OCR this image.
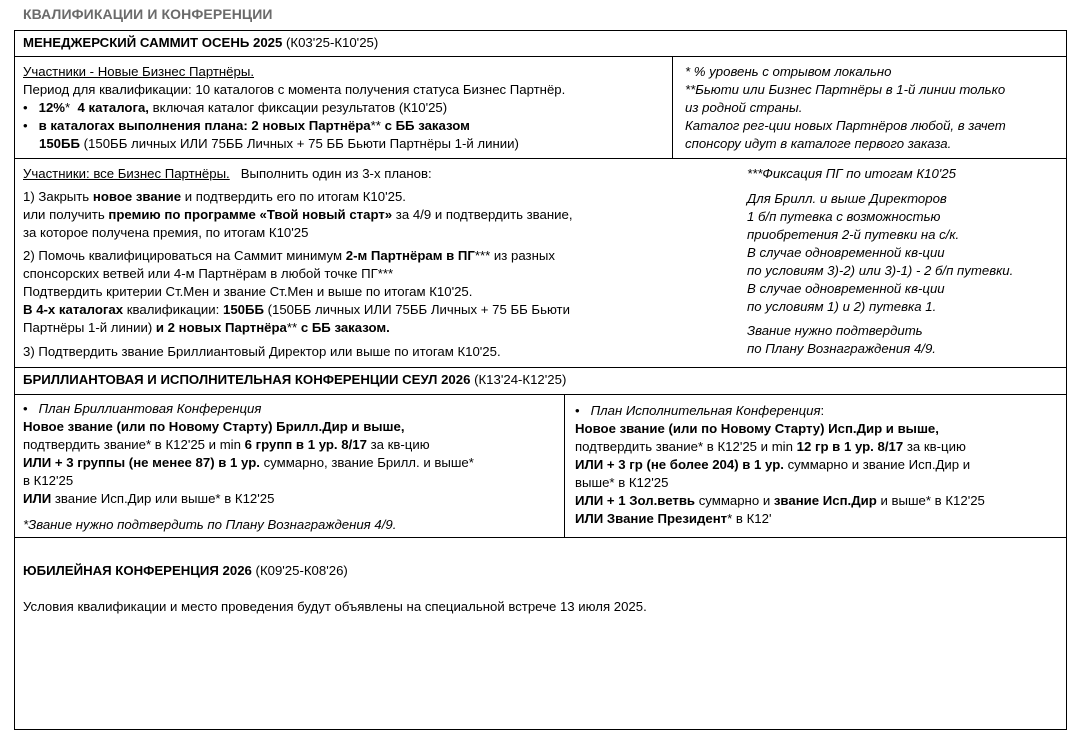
КВАЛИФИКАЦИИ И КОНФЕРЕНЦИИ
МЕНЕДЖЕРСКИЙ САММИТ ОСЕНЬ 2025 (К03'25-К10'25)
Участники - Новые Бизнес Партнёры.
Период для квалификации: 10 каталогов с момента получения статуса Бизнес Партнёр.
• 12%* 4 каталога, включая каталог фиксации результатов (К10'25)
• в каталогах выполнения плана: 2 новых Партнёра** с ББ заказом
150ББ (150ББ личных ИЛИ 75ББ Личных + 75 ББ Бьюти Партнёры 1-й линии)
* % уровень с отрывом локально
**Бьюти или Бизнес Партнёры в 1-й линии только
из родной страны.
Каталог рег-ции новых Партнёров любой, в зачет
спонсору идут в каталоге первого заказа.
Участники: все Бизнес Партнёры. Выполнить один из 3-х планов:
1) Закрыть новое звание и подтвердить его по итогам К10'25.
или получить премию по программе «Твой новый старт» за 4/9 и подтвердить звание,
за которое получена премия, по итогам К10'25
2) Помочь квалифицироваться на Саммит минимум 2-м Партнёрам в ПГ*** из разных
спонсорских ветвей или 4-м Партнёрам в любой точке ПГ***
Подтвердить критерии Ст.Мен и звание Ст.Мен и выше по итогам К10'25.
В 4-х каталогах квалификации: 150ББ (150ББ личных ИЛИ 75ББ Личных + 75 ББ Бьюти
Партнёры 1-й линии) и 2 новых Партнёра** с ББ заказом.
3) Подтвердить звание Бриллиантовый Директор или выше по итогам К10'25.
***Фиксация ПГ по итогам К10'25
Для Брилл. и выше Директоров
1 б/п путевка с возможностью
приобретения 2-й путевки на с/к.
В случае одновременной кв-ции
по условиям 3)-2) или 3)-1) - 2 б/п путевки.
В случае одновременной кв-ции
по условиям 1) и 2) путевка 1.
Звание нужно подтвердить
по Плану Вознаграждения 4/9.
БРИЛЛИАНТОВАЯ И ИСПОЛНИТЕЛЬНАЯ КОНФЕРЕНЦИИ СЕУЛ 2026 (К13'24-К12'25)
• План Бриллиантовая Конференция
Новое звание (или по Новому Старту) Брилл.Дир и выше,
подтвердить звание* в К12'25 и min 6 групп в 1 ур. 8/17 за кв-цию
ИЛИ + 3 группы (не менее 87) в 1 ур. суммарно, звание Брилл. и выше*
в К12'25
ИЛИ звание Исп.Дир или выше* в К12'25
*Звание нужно подтвердить по Плану Вознаграждения 4/9.
• План Исполнительная Конференция:
Новое звание (или по Новому Старту) Исп.Дир и выше,
подтвердить звание* в К12'25 и min 12 гр в 1 ур. 8/17 за кв-цию
ИЛИ + 3 гр (не более 204) в 1 ур. суммарно и звание Исп.Дир и
выше* в К12'25
ИЛИ + 1 Зол.ветвь суммарно и звание Исп.Дир и выше* в К12'25
ИЛИ Звание Президент* в К12'
ЮБИЛЕЙНАЯ КОНФЕРЕНЦИЯ 2026 (К09'25-К08'26)
Условия квалификации и место проведения будут объявлены на специальной встрече 13 июля 2025.
